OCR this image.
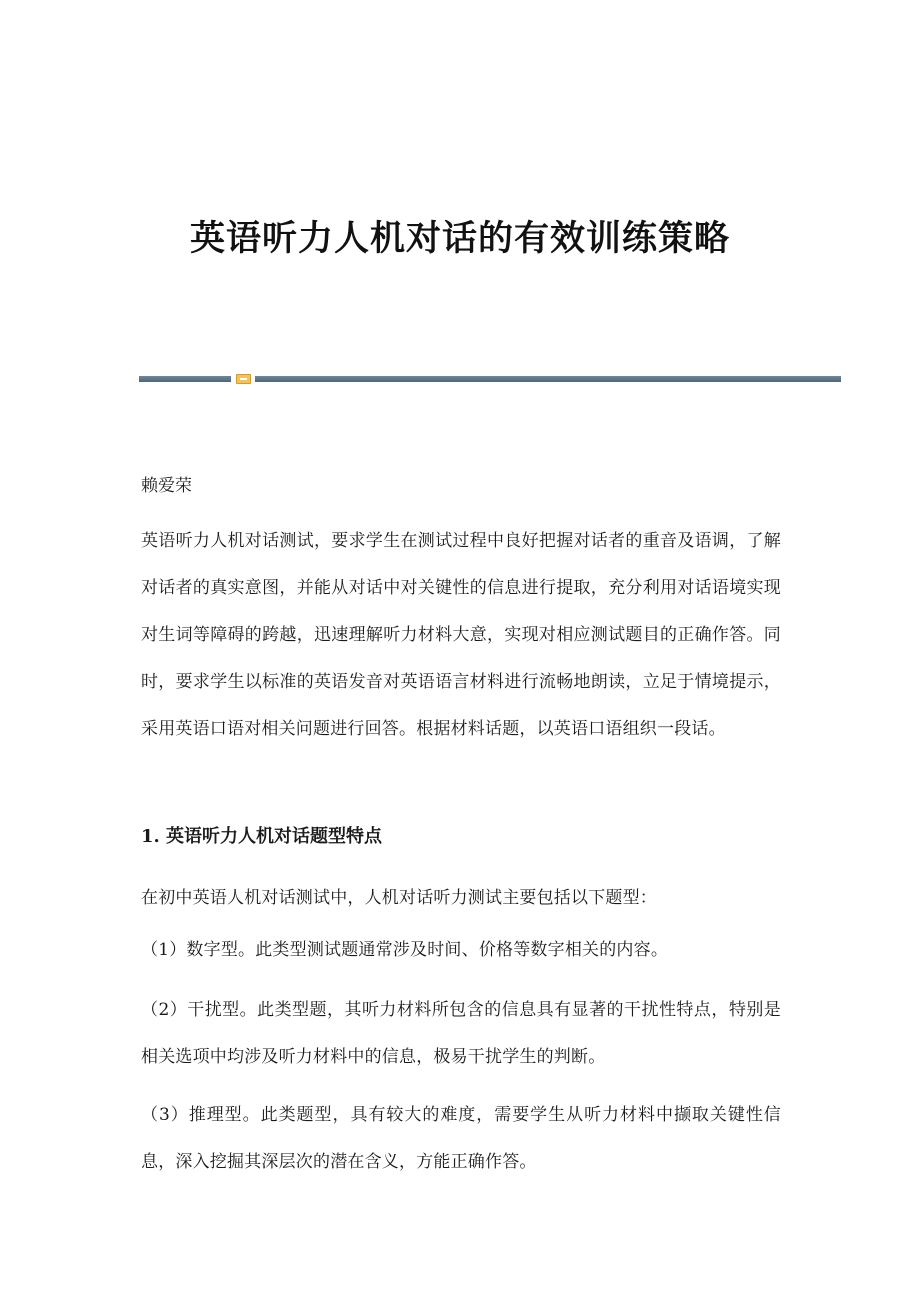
英语听力人机对话的有效训练策略
赖爱荣

英语听力人机对话测试，要求学生在测试过程中良好把握对话者的重音及语调，了解对话者的真实意图，并能从对话中对关键性的信息进行提取，充分利用对话语境实现对生词等障碍的跨越，迅速理解听力材料大意，实现对相应测试题目的正确作答。同时，要求学生以标准的英语发音对英语语言材料进行流畅地朗读，立足于情境提示，采用英语口语对相关问题进行回答。根据材料话题，以英语口语组织一段话。

1. 英语听力人机对话题型特点

在初中英语人机对话测试中，人机对话听力测试主要包括以下题型：

（1）数字型。此类型测试题通常涉及时间、价格等数字相关的内容。

（2）干扰型。此类型题，其听力材料所包含的信息具有显著的干扰性特点，特别是相关选项中均涉及听力材料中的信息，极易干扰学生的判断。

（3）推理型。此类题型，具有较大的难度，需要学生从听力材料中撷取关键性信息，深入挖掘其深层次的潜在含义，方能正确作答。
